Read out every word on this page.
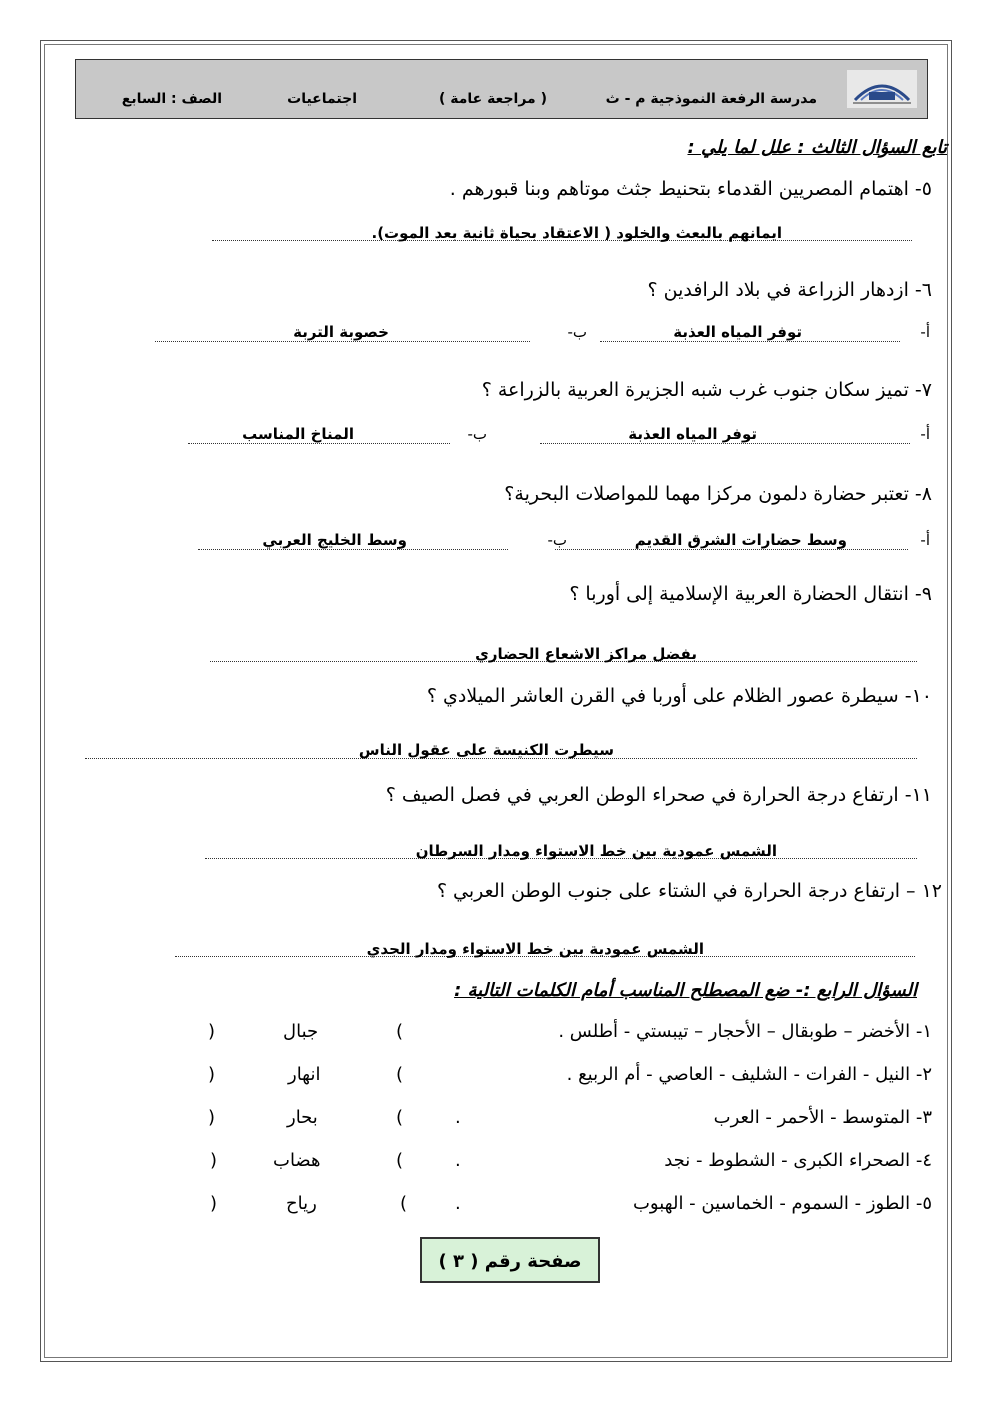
مدرسة الرفعة النموذجية م - ث
( مراجعة عامة )
اجتماعيات
الصف : السابع
تابع السؤال الثالث : علل لما يلي :
٥- اهتمام المصريين القدماء بتحنيط جثث موتاهم وبنا قبورهم .
ايمانهم بالبعث والخلود ( الاعتقاد بحياة ثانية بعد الموت).
٦- ازدهار الزراعة في بلاد الرافدين ؟
أ-
توفر المياه العذبة
ب-
خصوبة التربة
٧- تميز سكان جنوب غرب شبه الجزيرة العربية بالزراعة ؟
أ-
توفر المياه العذبة
ب-
المناخ المناسب
٨- تعتبر حضارة دلمون مركزا مهما للمواصلات البحرية؟
أ-
وسط حضارات الشرق القديم
ب-
وسط الخليج العربي
٩- انتقال الحضارة العربية الإسلامية إلى أوربا ؟
بفضل مراكز الاشعاع الحضاري
١٠- سيطرة عصور الظلام على أوربا في القرن العاشر الميلادي ؟
سيطرت الكنيسة على عقول الناس
١١- ارتفاع درجة الحرارة في صحراء الوطن العربي في فصل الصيف ؟
الشمس عمودية بين خط الاستواء ومدار السرطان
١٢ – ارتفاع درجة الحرارة في الشتاء على جنوب الوطن العربي ؟
الشمس عمودية بين خط الاستواء ومدار الجدي
السؤال الرابع :- ضع المصطلح المناسب أمام الكلمات التالية :
١- الأخضر – طوبقال – الأحجار – تيبستي - أطلس .
(
جبال
)
٢- النيل - الفرات - الشليف - العاصي - أم الربيع .
(
انهار
)
٣- المتوسط - الأحمر - العرب
.
(
بحار
)
٤- الصحراء الكبرى - الشطوط - نجد
.
(
هضاب
)
٥- الطوز - السموم - الخماسين - الهبوب
.
(
رياح
)
صفحة رقم ( ٣ )
